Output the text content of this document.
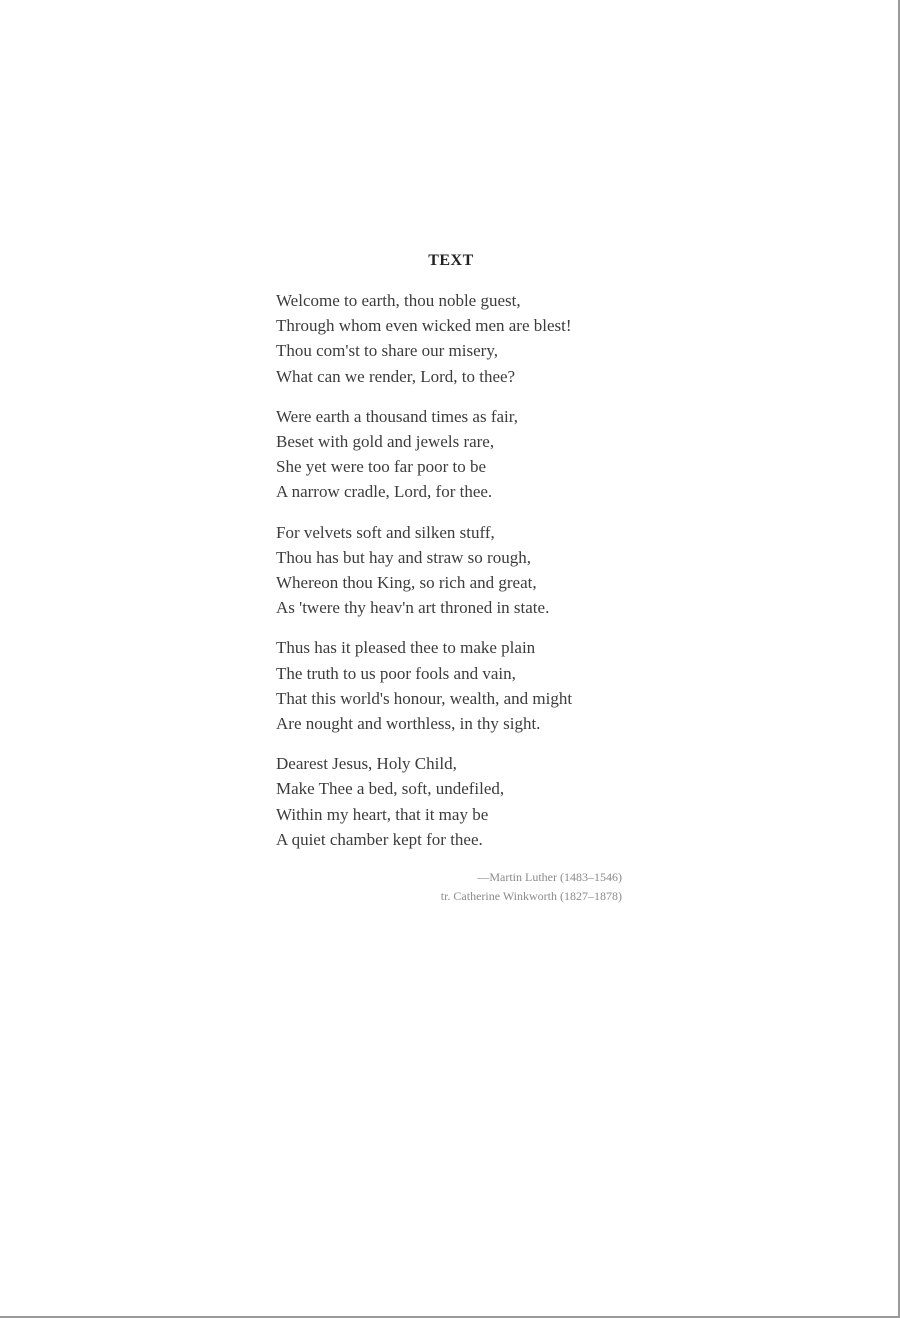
TEXT
Welcome to earth, thou noble guest,
Through whom even wicked men are blest!
Thou com'st to share our misery,
What can we render, Lord, to thee?
Were earth a thousand times as fair,
Beset with gold and jewels rare,
She yet were too far poor to be
A narrow cradle, Lord, for thee.
For velvets soft and silken stuff,
Thou has but hay and straw so rough,
Whereon thou King, so rich and great,
As 'twere thy heav'n art throned in state.
Thus has it pleased thee to make plain
The truth to us poor fools and vain,
That this world's honour, wealth, and might
Are nought and worthless, in thy sight.
Dearest Jesus, Holy Child,
Make Thee a bed, soft, undefiled,
Within my heart, that it may be
A quiet chamber kept for thee.
—Martin Luther (1483–1546)
tr. Catherine Winkworth (1827–1878)
